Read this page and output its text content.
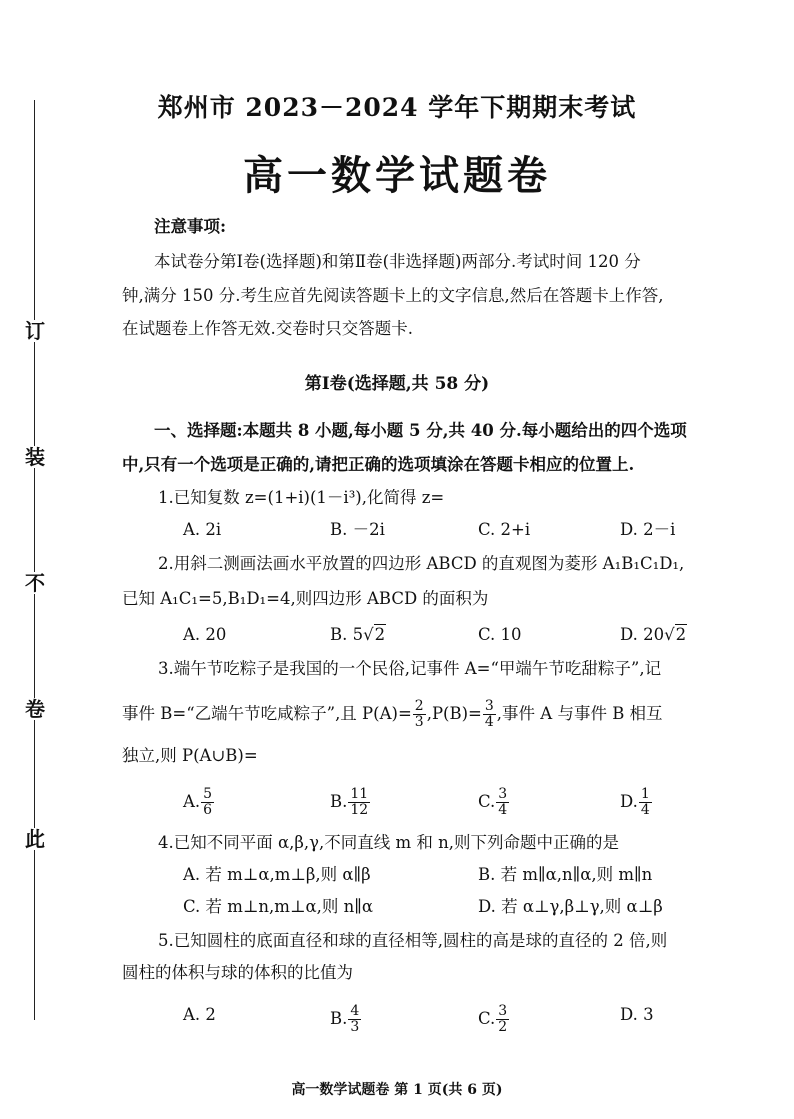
此
卷
不
装
订
郑州市 2023－2024 学年下期期末考试
高一数学试题卷
注意事项:
本试卷分第Ⅰ卷(选择题)和第Ⅱ卷(非选择题)两部分.考试时间 120 分
钟,满分 150 分.考生应首先阅读答题卡上的文字信息,然后在答题卡上作答,
在试题卷上作答无效.交卷时只交答题卡.
第Ⅰ卷(选择题,共 58 分)
一、选择题:本题共 8 小题,每小题 5 分,共 40 分.每小题给出的四个选项
中,只有一个选项是正确的,请把正确的选项填涂在答题卡相应的位置上.
1.已知复数 z=(1+i)(1－i³),化简得 z=
A. 2i	B. －2i	C. 2+i	D. 2－i
2.用斜二测画法画水平放置的四边形 ABCD 的直观图为菱形 A₁B₁C₁D₁,
已知 A₁C₁=5,B₁D₁=4,则四边形 ABCD 的面积为
A. 20	B. 5√2	C. 10	D. 20√2
3.端午节吃粽子是我国的一个民俗,记事件 A=“甲端午节吃甜粽子”,记
事件 B=“乙端午节吃咸粽子”,且 $P(A)= \frac{2}{3} ,P(B)= \frac{3}{4}$ ,事件 A 与事件 B 相互
独立,则 P(A∪B)=
A. $\frac{5}{6}$	B. $\frac{11}{12}$	C. $\frac{3}{4}$	D. $\frac{1}{4}$
4.已知不同平面 α,β,γ,不同直线 m 和 n,则下列命题中正确的是
A. 若 m⊥α,m⊥β,则 α∥β	B. 若 m∥α,n∥α,则 m∥n
C. 若 m⊥n,m⊥α,则 n∥α	D. 若 α⊥γ,β⊥γ,则 α⊥β
5.已知圆柱的底面直径和球的直径相等,圆柱的高是球的直径的 2 倍,则
圆柱的体积与球的体积的比值为
A. 2	B. $\frac{4}{3}$	C. $\frac{3}{2}$	D. 3
高一数学试题卷 第 1 页(共 6 页)
